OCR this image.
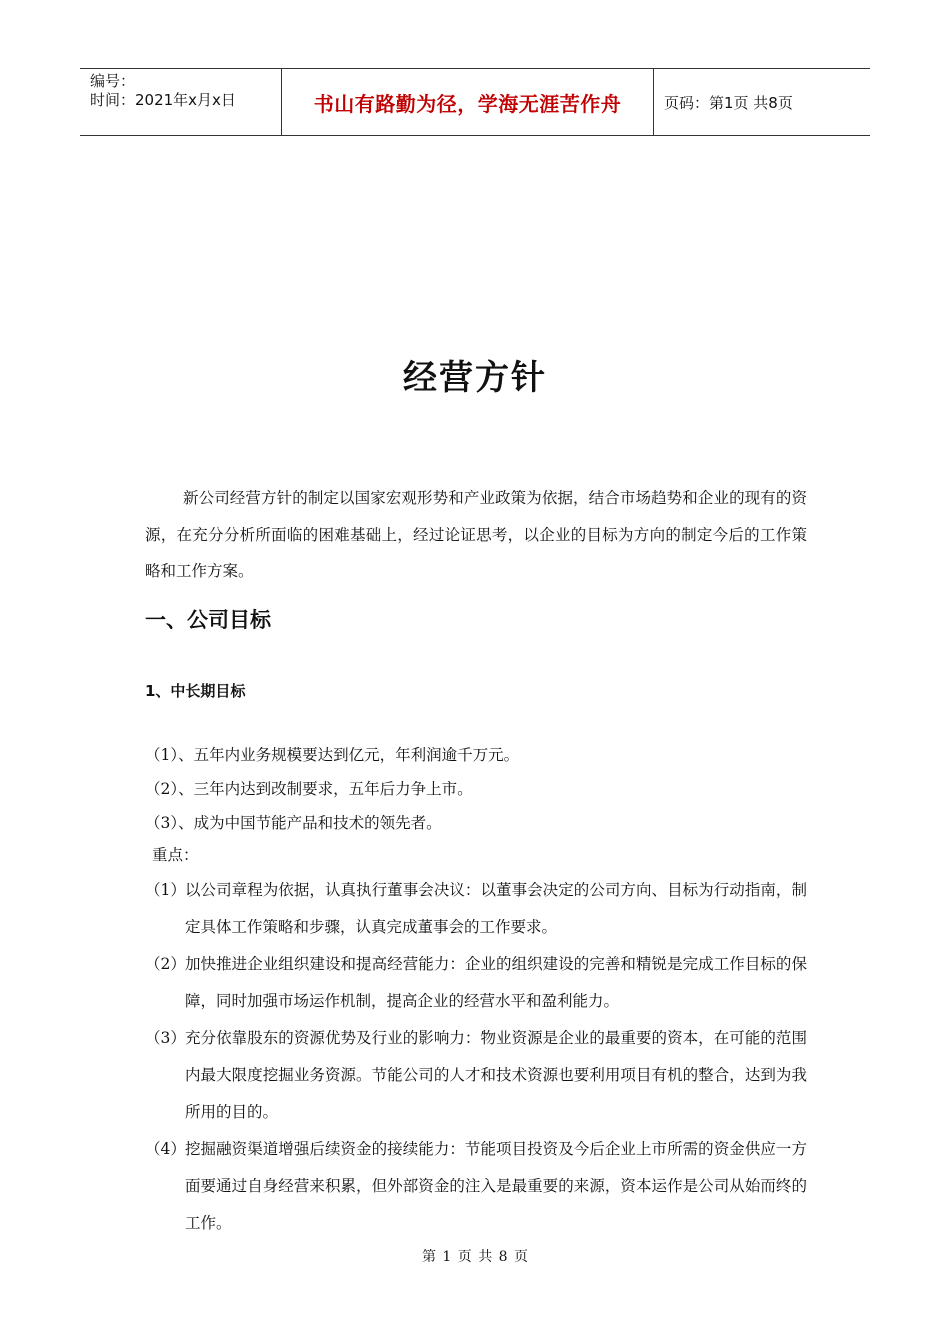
编号：
时间：2021年x月x日	书山有路勤为径，学海无涯苦作舟	页码：第1页 共8页
经营方针
新公司经营方针的制定以国家宏观形势和产业政策为依据，结合市场趋势和企业的现有的资源，在充分分析所面临的困难基础上，经过论证思考，以企业的目标为方向的制定今后的工作策略和工作方案。
一、公司目标
1、中长期目标
（1）、五年内业务规模要达到亿元，年利润逾千万元。
（2）、三年内达到改制要求，五年后力争上市。
（3）、成为中国节能产品和技术的领先者。
重点：
（1） 以公司章程为依据，认真执行董事会决议：以董事会决定的公司方向、目标为行动指南，制定具体工作策略和步骤，认真完成董事会的工作要求。
（2） 加快推进企业组织建设和提高经营能力：企业的组织建设的完善和精锐是完成工作目标的保障，同时加强市场运作机制，提高企业的经营水平和盈利能力。
（3） 充分依靠股东的资源优势及行业的影响力：物业资源是企业的最重要的资本，在可能的范围内最大限度挖掘业务资源。节能公司的人才和技术资源也要利用项目有机的整合，达到为我所用的目的。
（4） 挖掘融资渠道增强后续资金的接续能力：节能项目投资及今后企业上市所需的资金供应一方面要通过自身经营来积累，但外部资金的注入是最重要的来源，资本运作是公司从始而终的工作。
第 1 页 共 8 页
